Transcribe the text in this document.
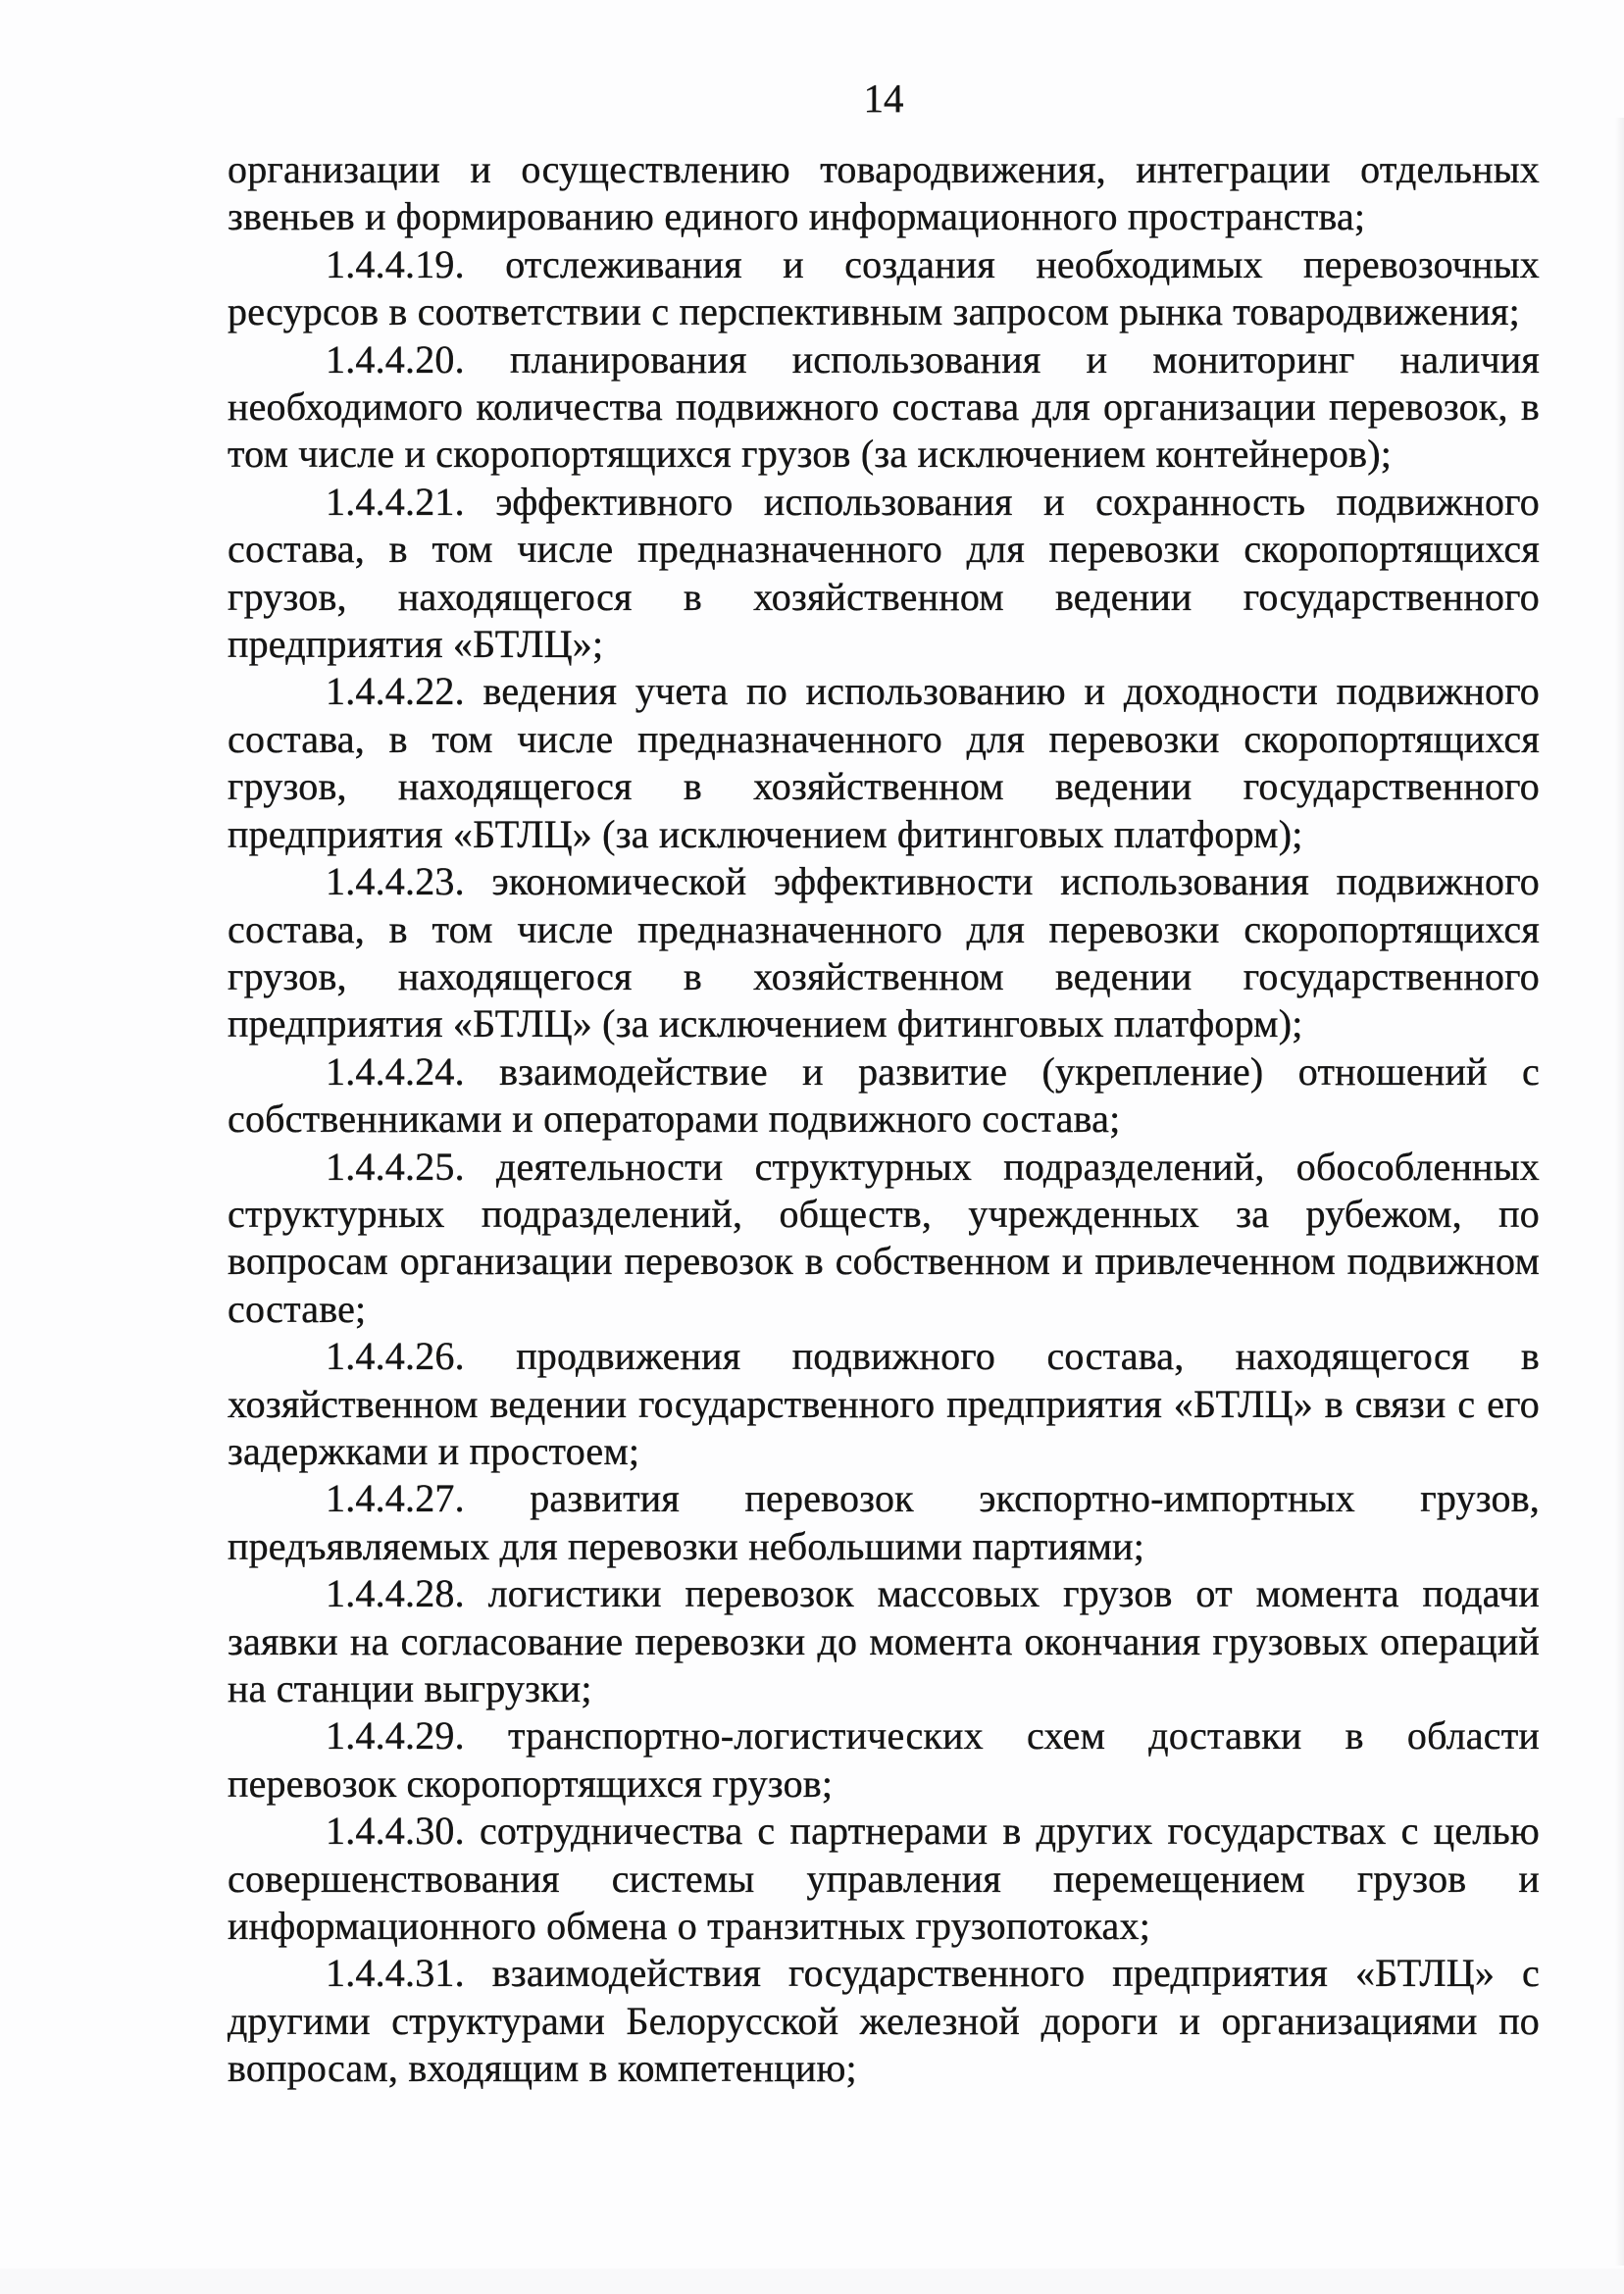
14

организации и осуществлению товародвижения, интеграции отдельных звеньев и формированию единого информационного пространства;

1.4.4.19. отслеживания и создания необходимых перевозочных ресурсов в соответствии с перспективным запросом рынка товародвижения;

1.4.4.20. планирования использования и мониторинг наличия необходимого количества подвижного состава для организации перевозок, в том числе и скоропортящихся грузов (за исключением контейнеров);

1.4.4.21. эффективного использования и сохранность подвижного состава, в том числе предназначенного для перевозки скоропортящихся грузов, находящегося в хозяйственном ведении государственного предприятия «БТЛЦ»;

1.4.4.22. ведения учета по использованию и доходности подвижного состава, в том числе предназначенного для перевозки скоропортящихся грузов, находящегося в хозяйственном ведении государственного предприятия «БТЛЦ» (за исключением фитинговых платформ);

1.4.4.23. экономической эффективности использования подвижного состава, в том числе предназначенного для перевозки скоропортящихся грузов, находящегося в хозяйственном ведении государственного предприятия «БТЛЦ» (за исключением фитинговых платформ);

1.4.4.24. взаимодействие и развитие (укрепление) отношений с собственниками и операторами подвижного состава;

1.4.4.25. деятельности структурных подразделений, обособленных структурных подразделений, обществ, учрежденных за рубежом, по вопросам организации перевозок в собственном и привлеченном подвижном составе;

1.4.4.26. продвижения подвижного состава, находящегося в хозяйственном ведении государственного предприятия «БТЛЦ» в связи с его задержками и простоем;

1.4.4.27. развития перевозок экспортно-импортных грузов, предъявляемых для перевозки небольшими партиями;

1.4.4.28. логистики перевозок массовых грузов от момента подачи заявки на согласование перевозки до момента окончания грузовых операций на станции выгрузки;

1.4.4.29. транспортно-логистических схем доставки в области перевозок скоропортящихся грузов;

1.4.4.30. сотрудничества с партнерами в других государствах с целью совершенствования системы управления перемещением грузов и информационного обмена о транзитных грузопотоках;

1.4.4.31. взаимодействия государственного предприятия «БТЛЦ» с другими структурами Белорусской железной дороги и организациями по вопросам, входящим в компетенцию;
